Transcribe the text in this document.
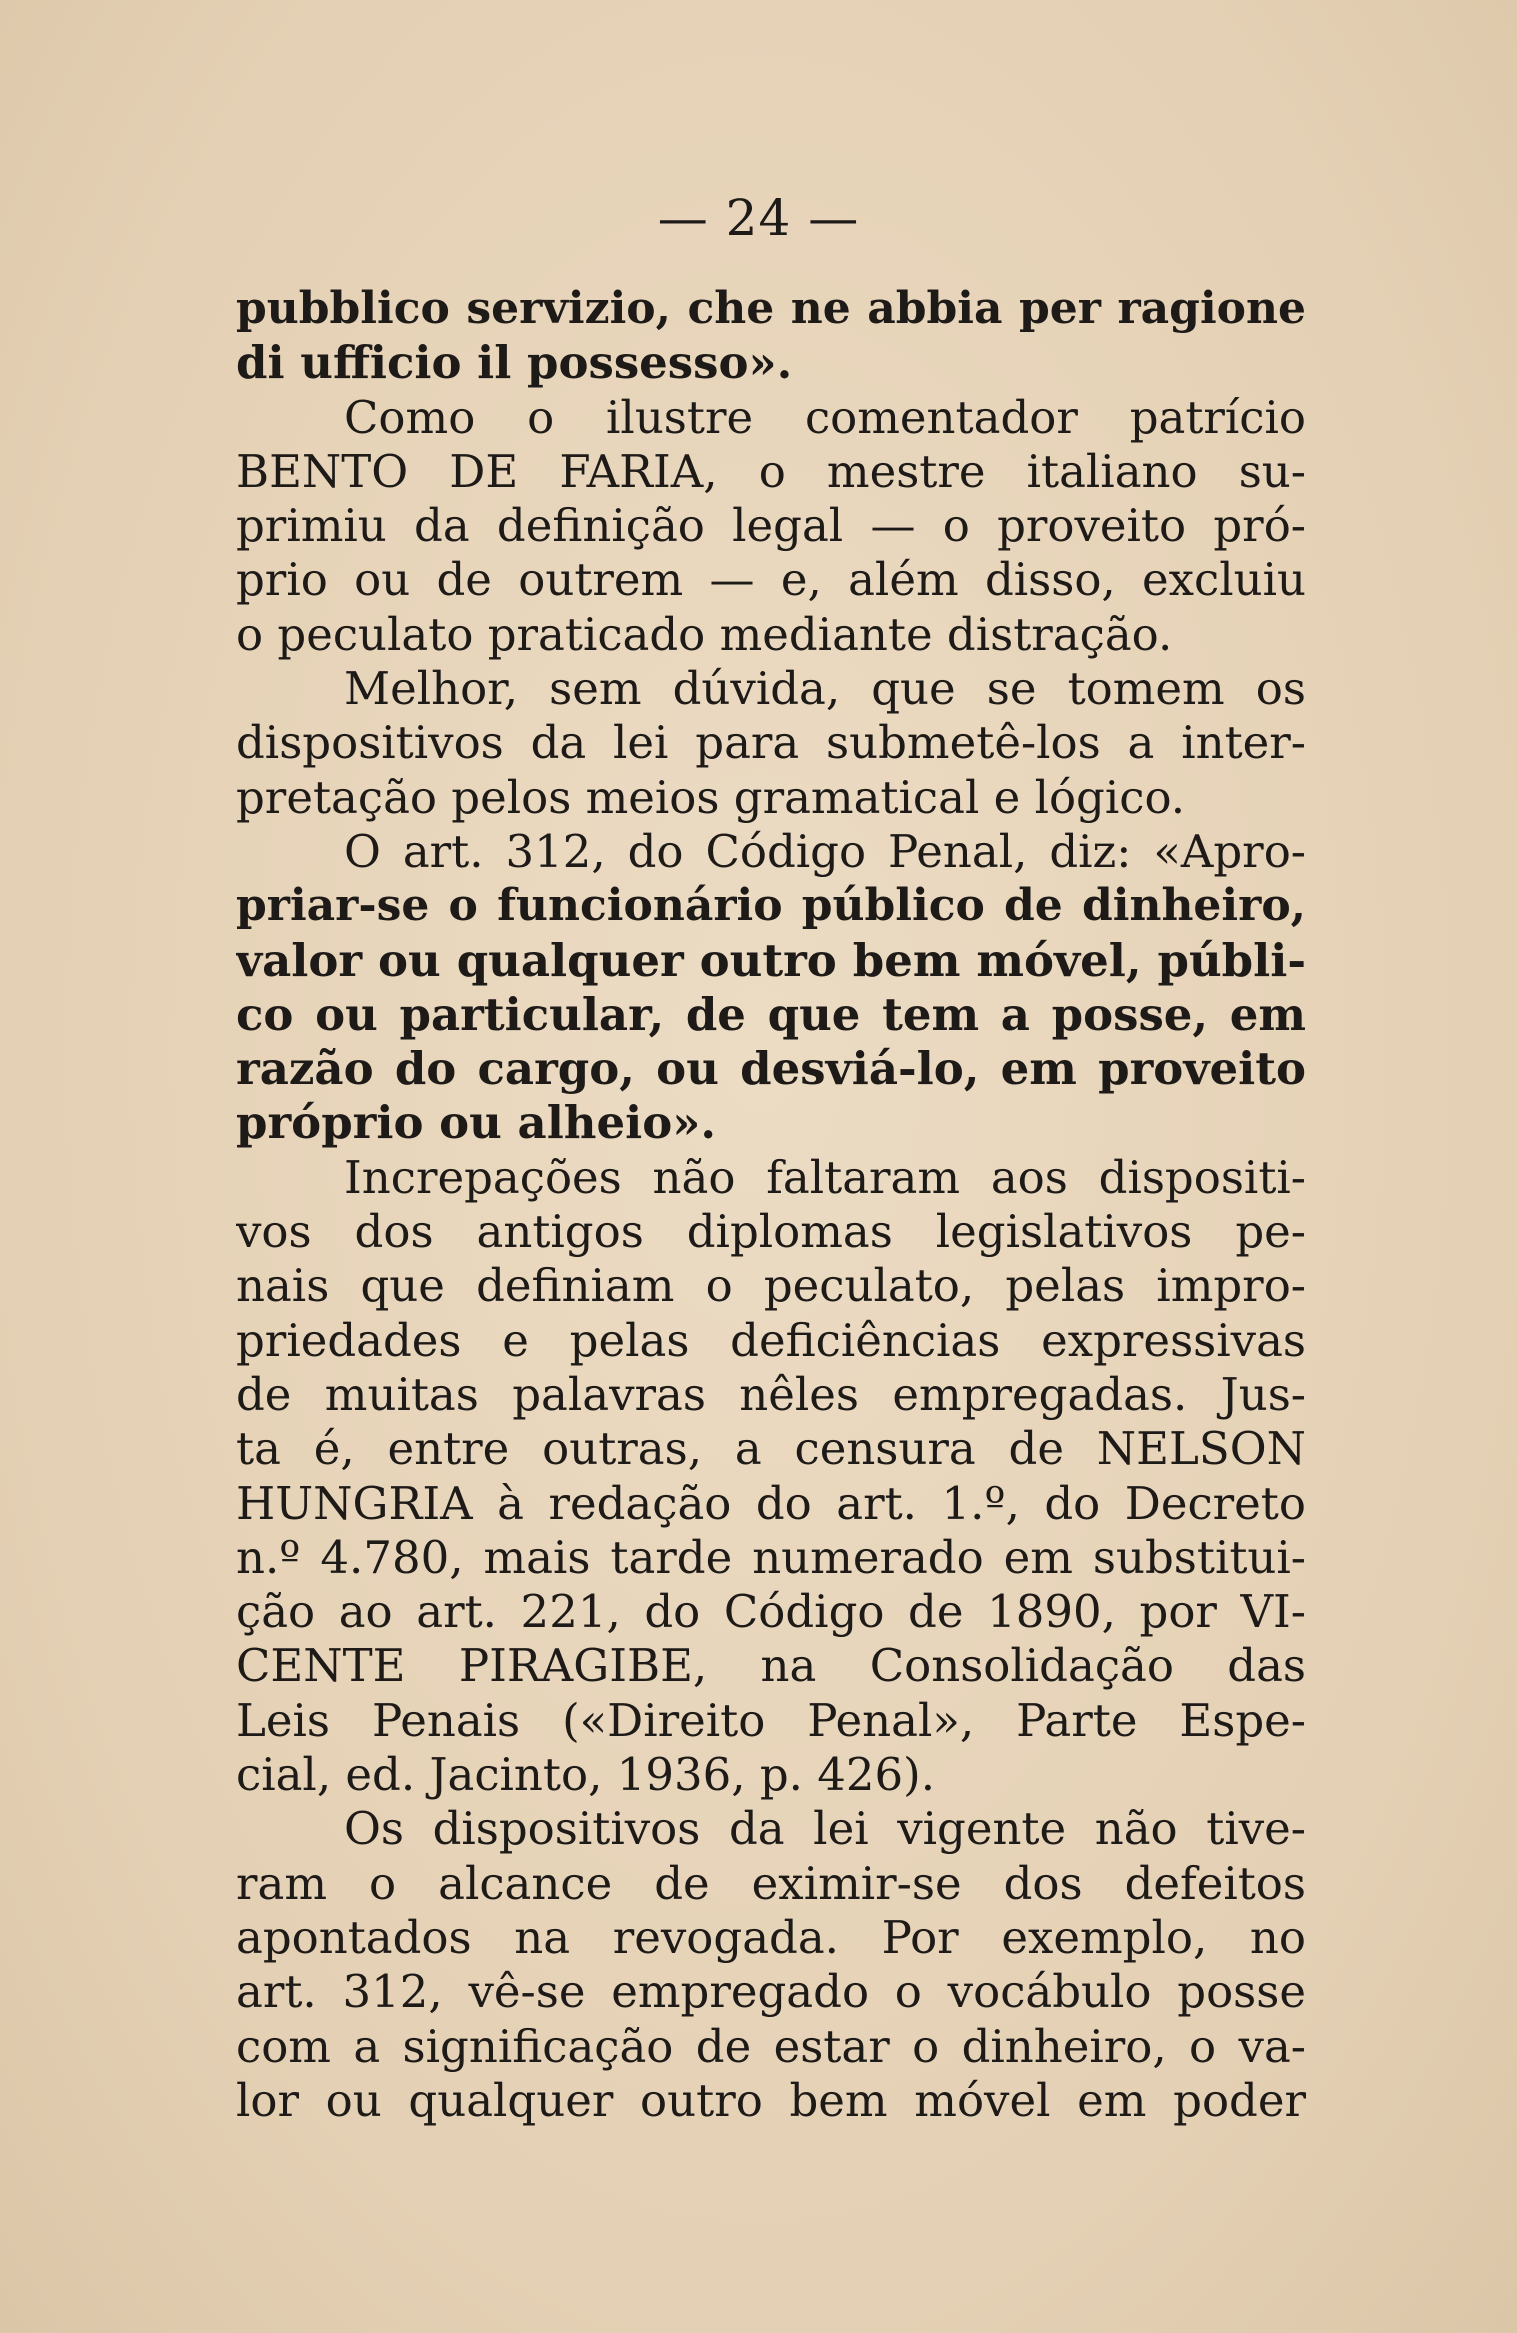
— 24 —
pubblico servizio, che ne abbia per ragione
di ufficio il possesso».
Como o ilustre comentador patrício
BENTO DE FARIA, o mestre italiano su-
primiu da definição legal — o proveito pró-
prio ou de outrem — e, além disso, excluiu
o peculato praticado mediante distração.
Melhor, sem dúvida, que se tomem os
dispositivos da lei para submetê-los a inter-
pretação pelos meios gramatical e lógico.
O art. 312, do Código Penal, diz: «Apro-
priar-se o funcionário público de dinheiro,
valor ou qualquer outro bem móvel, públi-
co ou particular, de que tem a posse, em
razão do cargo, ou desviá-lo, em proveito
próprio ou alheio».
Increpações não faltaram aos dispositi-
vos dos antigos diplomas legislativos pe-
nais que definiam o peculato, pelas impro-
priedades e pelas deficiências expressivas
de muitas palavras nêles empregadas. Jus-
ta é, entre outras, a censura de NELSON
HUNGRIA à redação do art. 1.º, do Decreto
n.º 4.780, mais tarde numerado em substitui-
ção ao art. 221, do Código de 1890, por VI-
CENTE PIRAGIBE, na Consolidação das
Leis Penais («Direito Penal», Parte Espe-
cial, ed. Jacinto, 1936, p. 426).
Os dispositivos da lei vigente não tive-
ram o alcance de eximir-se dos defeitos
apontados na revogada. Por exemplo, no
art. 312, vê-se empregado o vocábulo posse
com a significação de estar o dinheiro, o va-
lor ou qualquer outro bem móvel em poder
